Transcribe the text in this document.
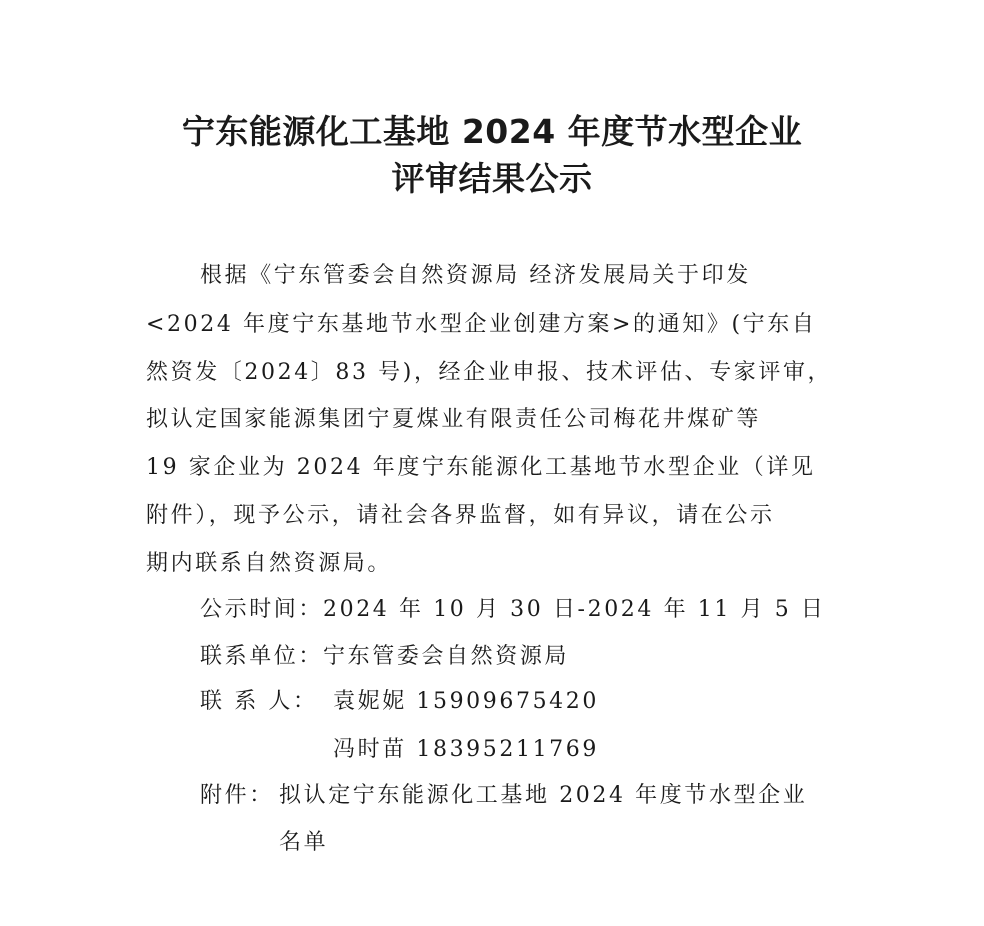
宁东能源化工基地 2024 年度节水型企业
评审结果公示
根据《宁东管委会自然资源局 经济发展局关于印发
<2024 年度宁东基地节水型企业创建方案>的通知》(宁东自
然资发〔2024〕83 号)，经企业申报、技术评估、专家评审，
拟认定国家能源集团宁夏煤业有限责任公司梅花井煤矿等
19 家企业为 2024 年度宁东能源化工基地节水型企业（详见
附件），现予公示，请社会各界监督，如有异议，请在公示
期内联系自然资源局。
公示时间：2024 年 10 月 30 日-2024 年 11 月 5 日
联系单位：宁东管委会自然资源局
联 系 人： 袁妮妮 15909675420
冯时苗 18395211769
附件： 拟认定宁东能源化工基地 2024 年度节水型企业
名单
